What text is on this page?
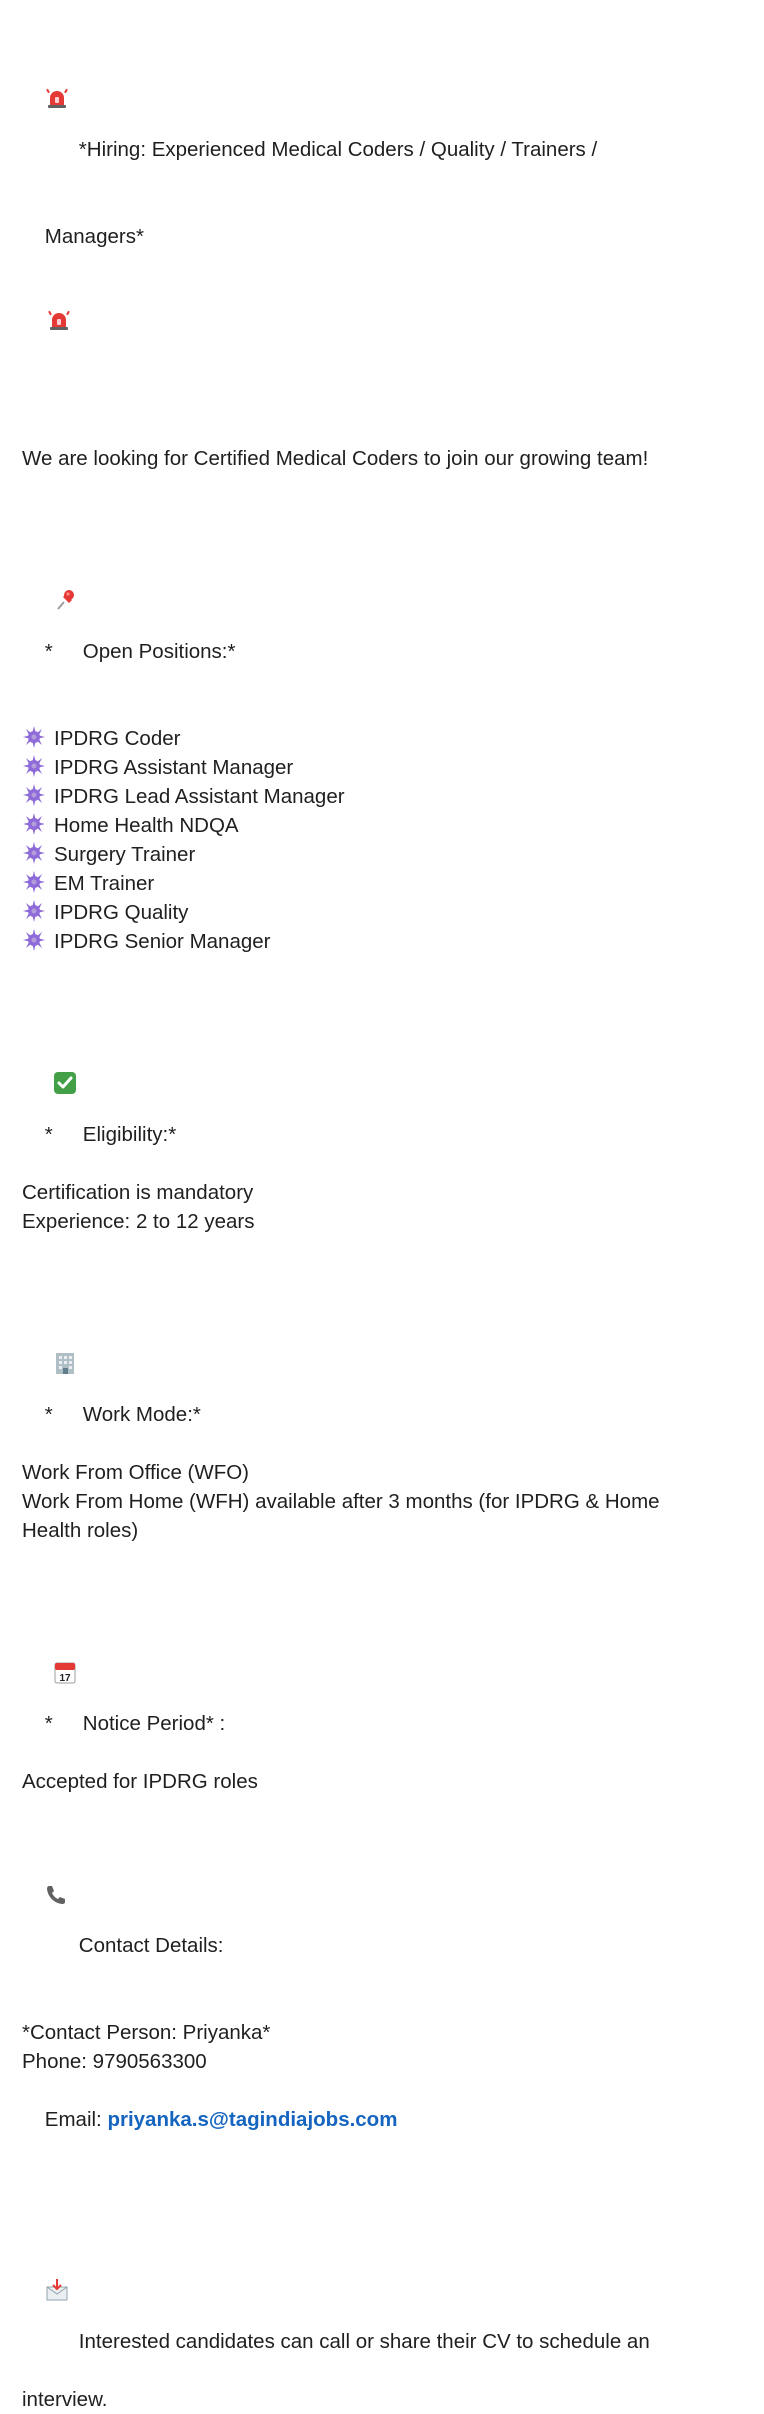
*Hiring: Experienced Medical Coders / Quality / Trainers /

Managers*

We are looking for Certified Medical Coders to join our growing team!

*
Open Positions:*

IPDRG Coder
IPDRG Assistant Manager
IPDRG Lead Assistant Manager
Home Health NDQA
Surgery Trainer
EM Trainer
IPDRG Quality
IPDRG Senior Manager

*
Eligibility:*

Certification is mandatory
Experience: 2 to 12 years

*
Work Mode:*

Work From Office (WFO)
Work From Home (WFH) available after 3 months (for IPDRG & Home
Health roles)

*

17

Notice Period* :

Accepted for IPDRG roles

Contact Details:

*Contact Person: Priyanka*
Phone: 9790563300

Email: priyanka.s@tagindiajobs.com

Interested candidates can call or share their CV to schedule an

interview.
